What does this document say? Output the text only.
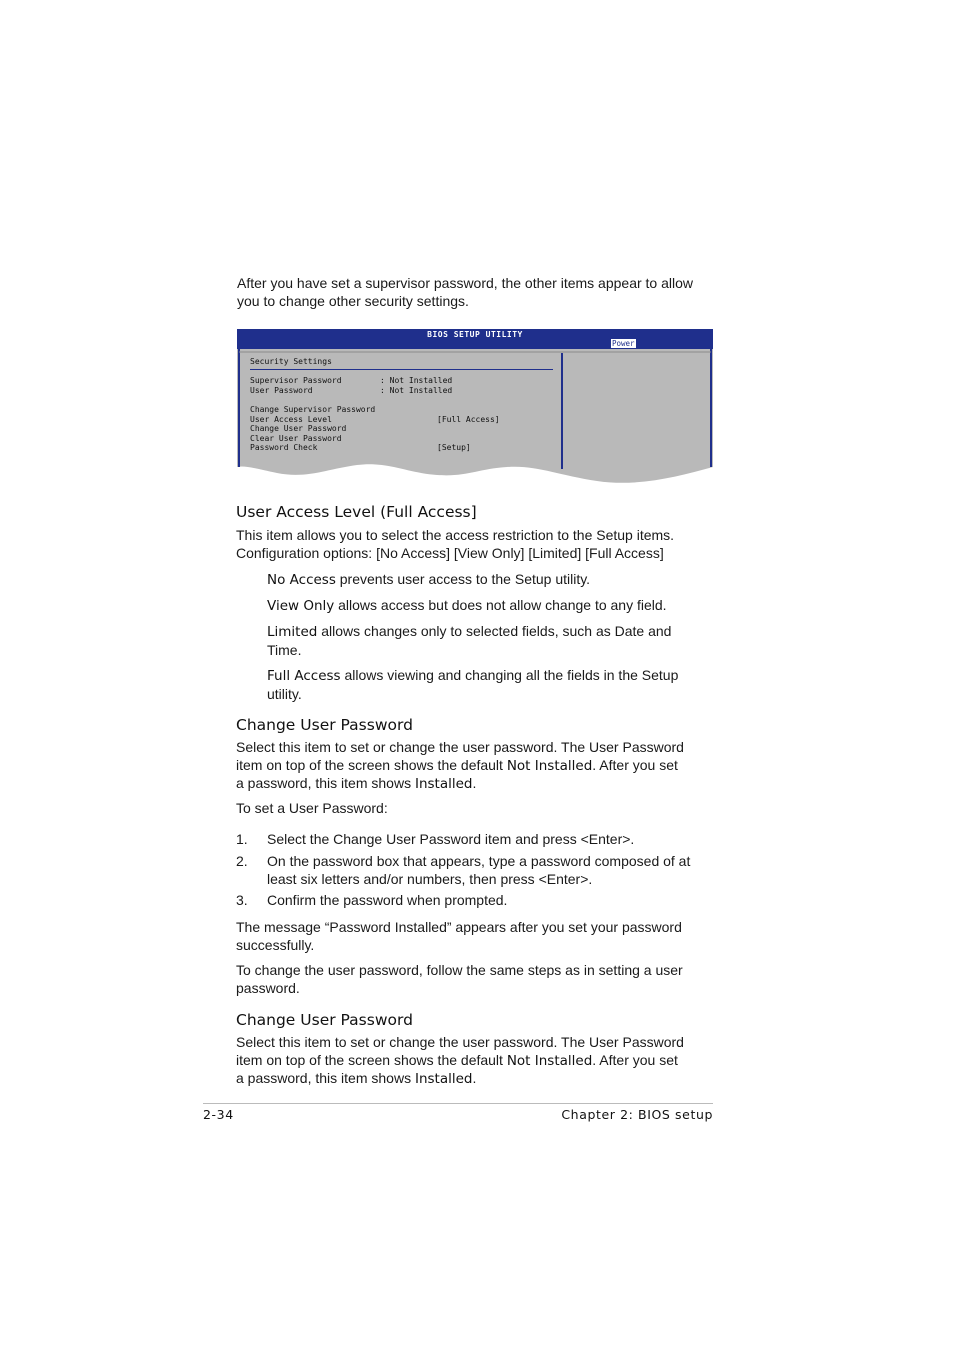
After you have set a supervisor password, the other items appear to allow
you to change other security settings.
BIOS SETUP UTILITY
Power
Security Settings
Supervisor Password	: Not Installed
User Password	: Not Installed
Change Supervisor Password
User Access Level	[Full Access]
Change User Password
Clear User Password
Password Check	[Setup]
User Access Level (Full Access]
This item allows you to select the access restriction to the Setup items.
Configuration options: [No Access] [View Only] [Limited] [Full Access]
No Access prevents user access to the Setup utility.
View Only allows access but does not allow change to any field.
Limited allows changes only to selected fields, such as Date and
Time.
Full Access allows viewing and changing all the fields in the Setup
utility.
Change User Password
Select this item to set or change the user password. The User Password
item on top of the screen shows the default Not Installed. After you set
a password, this item shows Installed.
To set a User Password:
1. Select the Change User Password item and press <Enter>.
2. On the password box that appears, type a password composed of at
least six letters and/or numbers, then press <Enter>.
3. Confirm the password when prompted.
The message “Password Installed” appears after you set your password
successfully.
To change the user password, follow the same steps as in setting a user
password.
Change User Password
Select this item to set or change the user password. The User Password
item on top of the screen shows the default Not Installed. After you set
a password, this item shows Installed.
2-34	Chapter 2: BIOS setup
